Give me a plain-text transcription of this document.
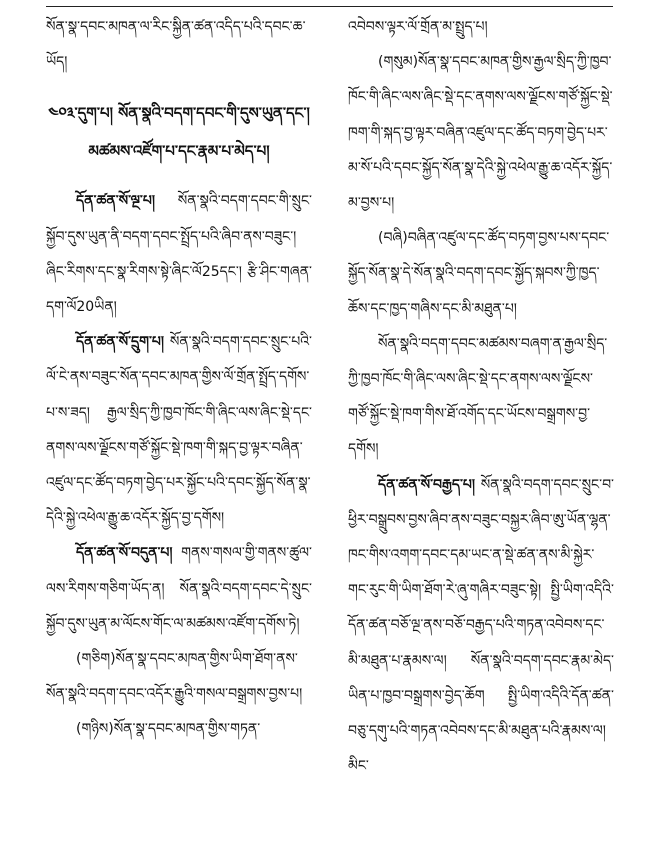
སོན་སྣ་དབང་མཁན་ལ་རིང་སྐྱིན་ཚན་འདིད་པའི་དབང་ཆ་ཡོད།

༤༠༣་དུག་པ། སོན་སྣའི་བདག་དབང་གི་དུས་ཡུན་དང་། མཚམས་འཛོག་པ་དང་རྣམ་པ་མེད་པ།

དོན་ཚན་སོ་ལྔ་པ། སོན་སྣའི་བདག་དབང་གི་སྲུང་སྐྱོབ་དུས་ཡུན་ནི་བདག་དབང་སྤྲོད་པའི་ཞིབ་ནས་བཟུང་། ཞིང་རིགས་དང་སྣ་རིགས་སྟེ་ཞིང་ལོ25དང་། རྩི་ཤིང་གཞན་དག་ལོ20ཡིན།

དོན་ཚན་སོ་དྲུག་པ། སོན་སྣའི་བདག་དབང་སྲུང་པའི་ལོ་ངེ་ནས་བཟུང་སོན་དབང་མཁན་གྱིས་ལོ་གྲོན་སྤྲོད་དགོས་པ་ས་ཟད། རྒྱལ་སྲིད་ཀྱི་ཁྱབ་ཁོང་གི་ཞིང་ལས་ཞིང་སྡེ་དང་ནགས་ལས་ལྗོངས་གཙོ་སྐྱོང་སྡེ་ཁག་གི་སྐད་བྱ་ལྟར་བཞིན་འཛུལ་དང་ཚོད་བཏག་བྱེད་པར་སྐྱོང་པའི་དབང་སྐྱོད་སོན་སྣ་དེའི་སྐྱེ་འཕེལ་རྒྱུ་ཆ་འདོར་སྐྱོད་བྱ་དགོས།

དོན་ཚན་སོ་བདུན་པ། གནས་གསལ་གྱི་གནས་ཚུལ་ལས་རིགས་གཅིག་ཡོད་ན། སོན་སྣའི་བདག་དབང་དེ་སྲུང་སྐྱོབ་དུས་ཡུན་མ་ལོངས་གོང་ལ་མཚམས་འཛོག་དགོས་ཏེ།

(གཅིག)སོན་སྣ་དབང་མཁན་གྱིས་ཡིག་ཐོག་ནས་སོན་སྣའི་བདག་དབང་འདོར་རྒྱུའི་གསལ་བསྒྲགས་བྱས་པ།

(གཉིས)སོན་སྣ་དབང་མཁན་གྱིས་གཏན་

འབེབས་ལྟར་ལོ་གྲོན་མ་སྤྲུད་པ།

(གསུམ)སོན་སྣ་དབང་མཁན་གྱིས་རྒྱལ་སྲིད་ཀྱི་ཁྱབ་ཁོང་གི་ཞིང་ལས་ཞིང་སྡེ་དང་ནགས་ལས་ལྗོངས་གཙོ་སྐྱོང་སྡེ་ཁག་གི་སྐད་བྱ་ལྟར་བཞིན་འཛུལ་དང་ཚོད་བཏག་བྱེད་པར་མ་སོ་པའི་དབང་སྐྱོད་སོན་སྣ་དེའི་སྐྱེ་འཕེལ་རྒྱུ་ཆ་འདོར་སྐྱོད་མ་བྱས་པ།

(བཞི)བཞིན་འཛུལ་དང་ཚོད་བཏག་བྱས་པས་དབང་སྐྱོད་སོན་སྣ་དེ་སོན་སྣའི་བདག་དབང་སྐྱོད་སྐབས་ཀྱི་ཁྱད་ཆོས་དང་ཁྱད་གཞིས་དང་མི་མཐུན་པ།

སོན་སྣའི་བདག་དབང་མཚམས་བཞག་ན་རྒྱལ་སྲིད་ཀྱི་ཁྱབ་ཁོང་གི་ཞིང་ལས་ཞིང་སྡེ་དང་ནགས་ལས་ལྗོངས་གཙོ་སྐྱོང་སྡེ་ཁག་གིས་ཐོ་འགོད་དང་ཡོངས་བསྒྲགས་བྱ་དགོས།

དོན་ཚན་སོ་བརྒྱད་པ། སོན་སྣའི་བདག་དབང་སྲུང་བ་ཕྱིར་བསྒྲུབས་བྱས་ཞིབ་ནས་བཟུང་བསྐྱར་ཞིབ་ཨུ་ཡོན་ལྷན་ཁང་གིས་འགག་དབང་དམ་ཡང་ན་སྡེ་ཚན་ནས་མི་སྐྱེར་གང་རུང་གི་ཡིག་ཐོག་རེ་ཞུ་གཞིར་བཟུང་སྟེ། སྤྱི་ཡིག་འདིའི་དོན་ཚན་བཅོ་ལྔ་ནས་བཅོ་བརྒྱད་པའི་གཏན་འབེབས་དང་མི་མཐུན་པ་རྣམས་ལ། སོན་སྣའི་བདག་དབང་རྣམ་མེད་ཡིན་པ་ཁྱབ་བསྒྲགས་བྱེད་ཆོག སྤྱི་ཡིག་འདིའི་དོན་ཚན་བཅུ་དགུ་པའི་གཏན་འབེབས་དང་མི་མཐུན་པའི་རྣམས་ལ། མིང་
